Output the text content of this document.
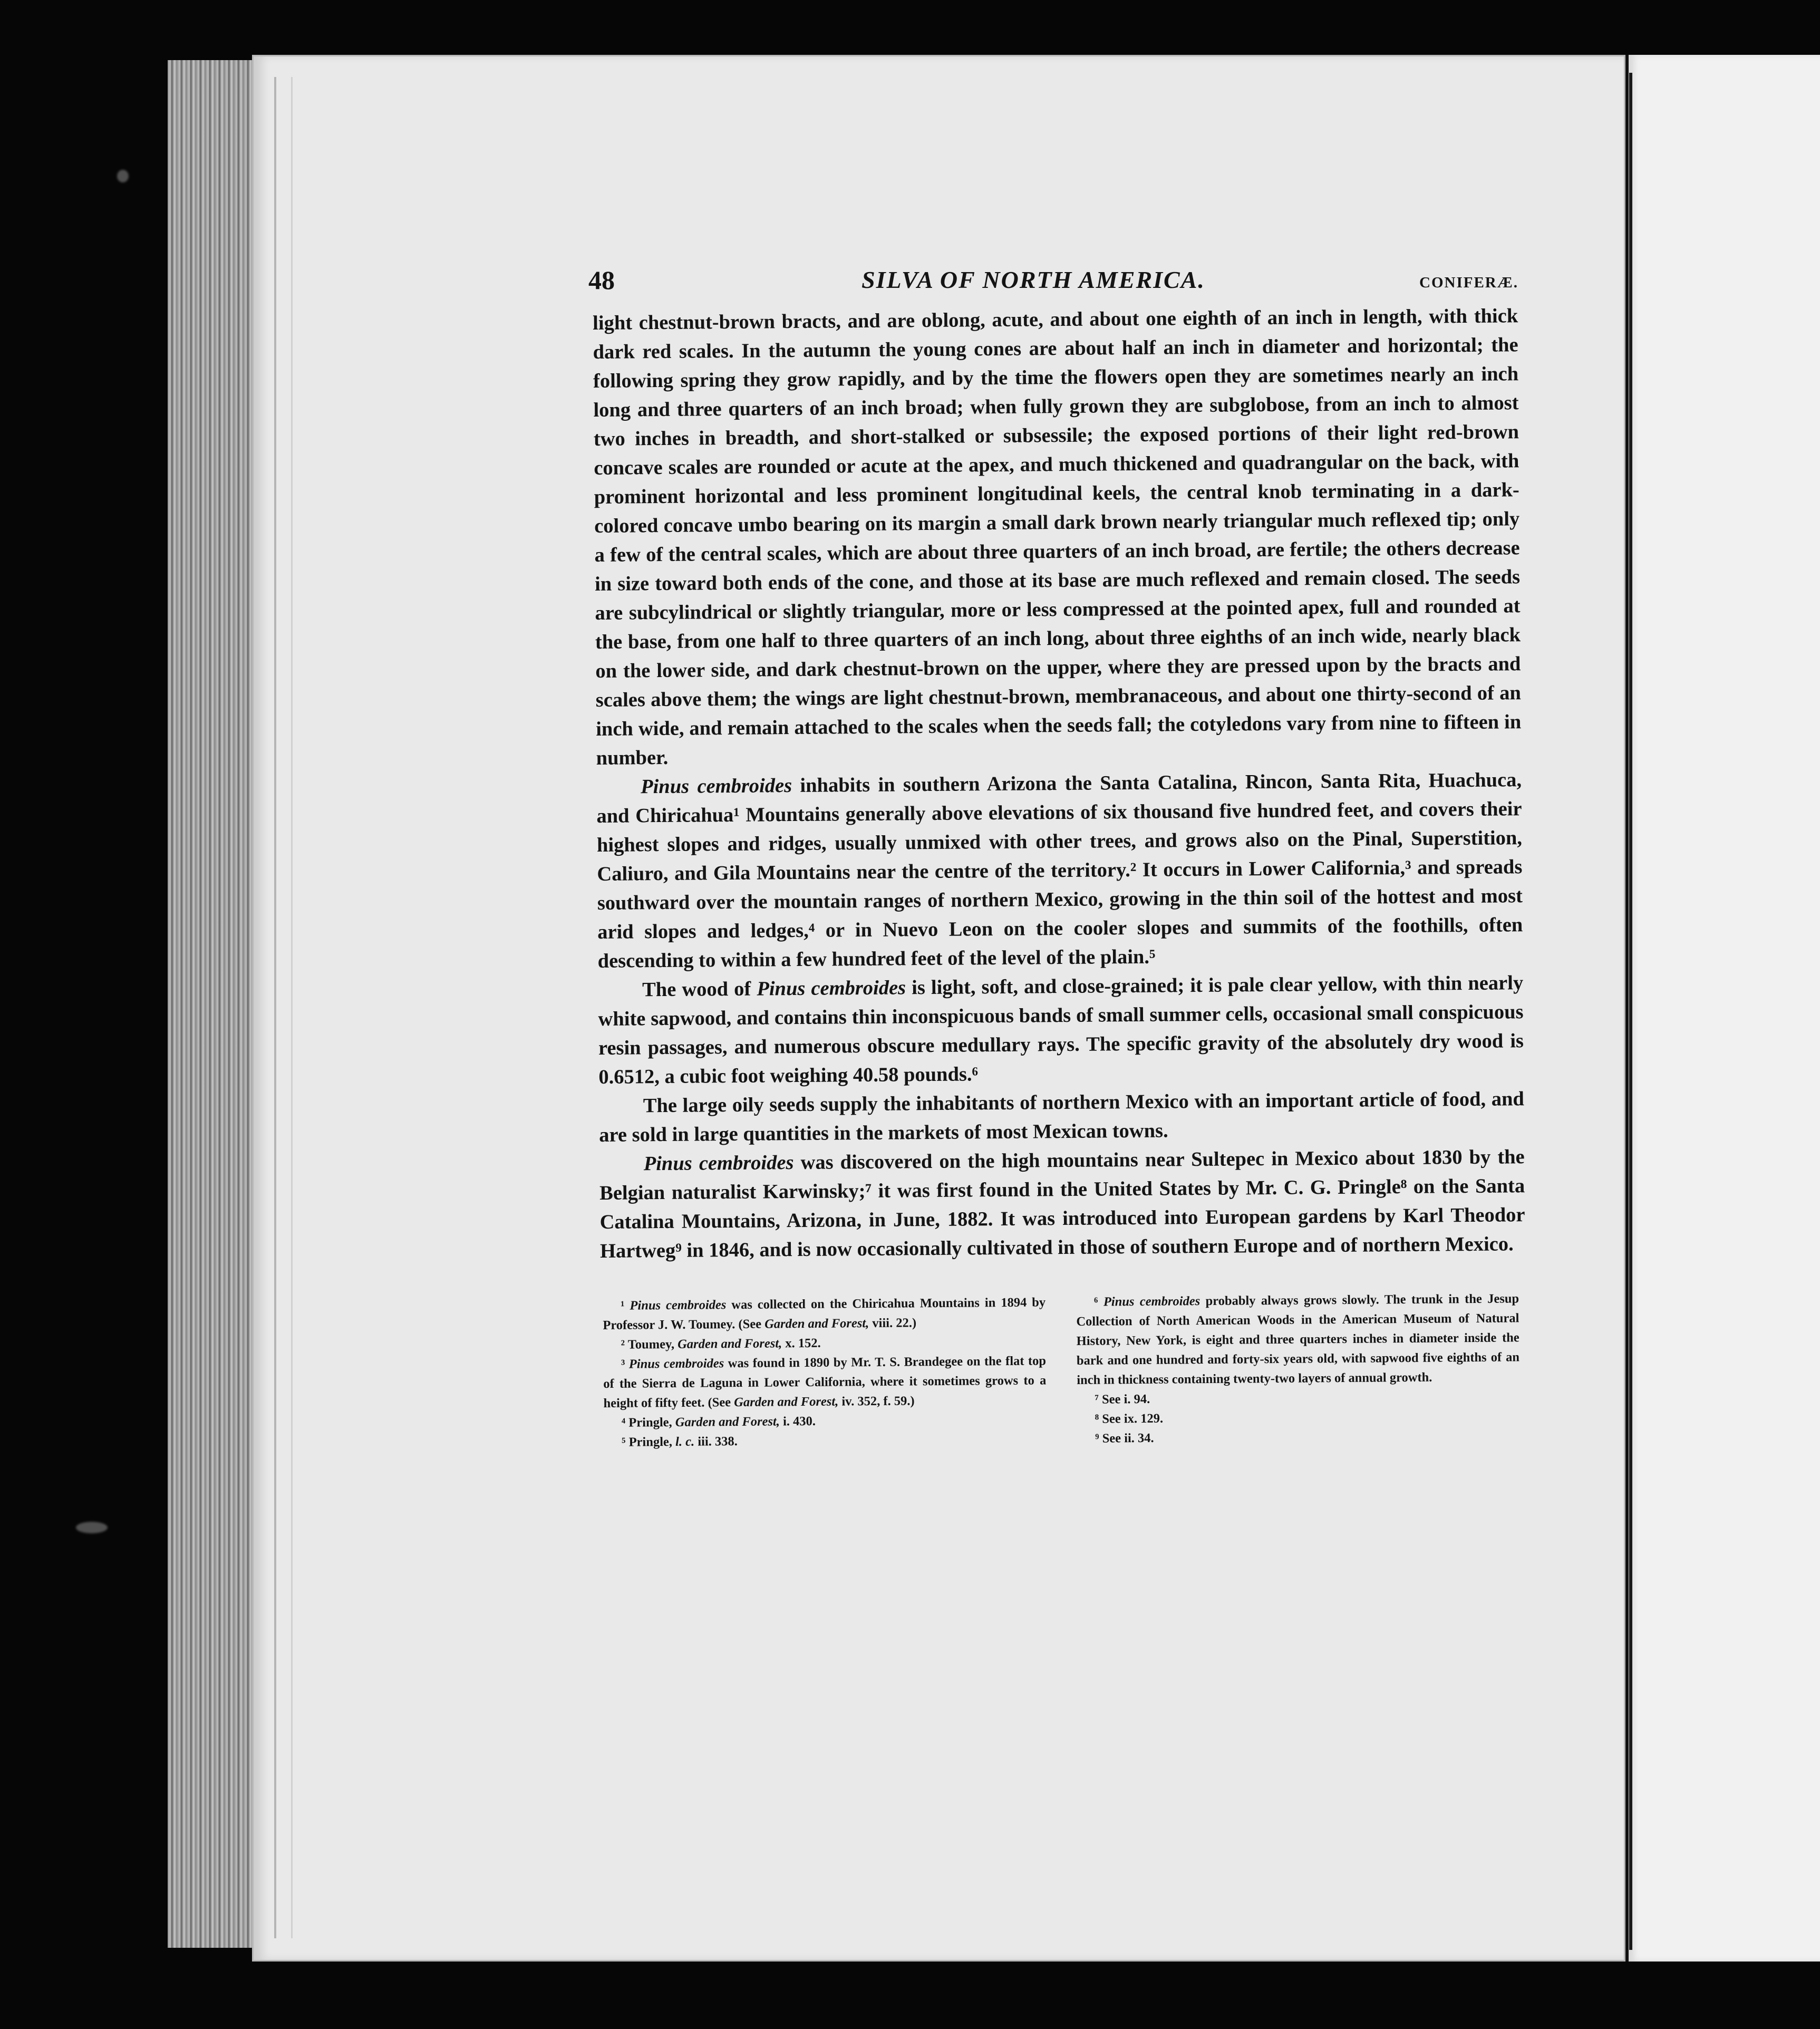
48	SILVA OF NORTH AMERICA.	CONIFERÆ.

light chestnut-brown bracts, and are oblong, acute, and about one eighth of an inch in length, with thick dark red scales. In the autumn the young cones are about half an inch in diameter and horizontal; the following spring they grow rapidly, and by the time the flowers open they are sometimes nearly an inch long and three quarters of an inch broad; when fully grown they are subglobose, from an inch to almost two inches in breadth, and short-stalked or subsessile; the exposed portions of their light red-brown concave scales are rounded or acute at the apex, and much thickened and quadrangular on the back, with prominent horizontal and less prominent longitudinal keels, the central knob terminating in a dark-colored concave umbo bearing on its margin a small dark brown nearly triangular much reflexed tip; only a few of the central scales, which are about three quarters of an inch broad, are fertile; the others decrease in size toward both ends of the cone, and those at its base are much reflexed and remain closed. The seeds are subcylindrical or slightly triangular, more or less compressed at the pointed apex, full and rounded at the base, from one half to three quarters of an inch long, about three eighths of an inch wide, nearly black on the lower side, and dark chestnut-brown on the upper, where they are pressed upon by the bracts and scales above them; the wings are light chestnut-brown, membranaceous, and about one thirty-second of an inch wide, and remain attached to the scales when the seeds fall; the cotyledons vary from nine to fifteen in number.

Pinus cembroides inhabits in southern Arizona the Santa Catalina, Rincon, Santa Rita, Huachuca, and Chiricahua¹ Mountains generally above elevations of six thousand five hundred feet, and covers their highest slopes and ridges, usually unmixed with other trees, and grows also on the Pinal, Superstition, Caliuro, and Gila Mountains near the centre of the territory.² It occurs in Lower California,³ and spreads southward over the mountain ranges of northern Mexico, growing in the thin soil of the hottest and most arid slopes and ledges,⁴ or in Nuevo Leon on the cooler slopes and summits of the foothills, often descending to within a few hundred feet of the level of the plain.⁵

The wood of Pinus cembroides is light, soft, and close-grained; it is pale clear yellow, with thin nearly white sapwood, and contains thin inconspicuous bands of small summer cells, occasional small conspicuous resin passages, and numerous obscure medullary rays. The specific gravity of the absolutely dry wood is 0.6512, a cubic foot weighing 40.58 pounds.⁶

The large oily seeds supply the inhabitants of northern Mexico with an important article of food, and are sold in large quantities in the markets of most Mexican towns.

Pinus cembroides was discovered on the high mountains near Sultepec in Mexico about 1830 by the Belgian naturalist Karwinsky;⁷ it was first found in the United States by Mr. C. G. Pringle⁸ on the Santa Catalina Mountains, Arizona, in June, 1882. It was introduced into European gardens by Karl Theodor Hartweg⁹ in 1846, and is now occasionally cultivated in those of southern Europe and of northern Mexico.

¹ Pinus cembroides was collected on the Chiricahua Mountains in 1894 by Professor J. W. Toumey. (See Garden and Forest, viii. 22.)

² Toumey, Garden and Forest, x. 152.

³ Pinus cembroides was found in 1890 by Mr. T. S. Brandegee on the flat top of the Sierra de Laguna in Lower California, where it sometimes grows to a height of fifty feet. (See Garden and Forest, iv. 352, f. 59.)

⁴ Pringle, Garden and Forest, i. 430.

⁵ Pringle, l. c. iii. 338.

⁶ Pinus cembroides probably always grows slowly. The trunk in the Jesup Collection of North American Woods in the American Museum of Natural History, New York, is eight and three quarters inches in diameter inside the bark and one hundred and forty-six years old, with sapwood five eighths of an inch in thickness containing twenty-two layers of annual growth.

⁷ See i. 94.

⁸ See ix. 129.

⁹ See ii. 34.
